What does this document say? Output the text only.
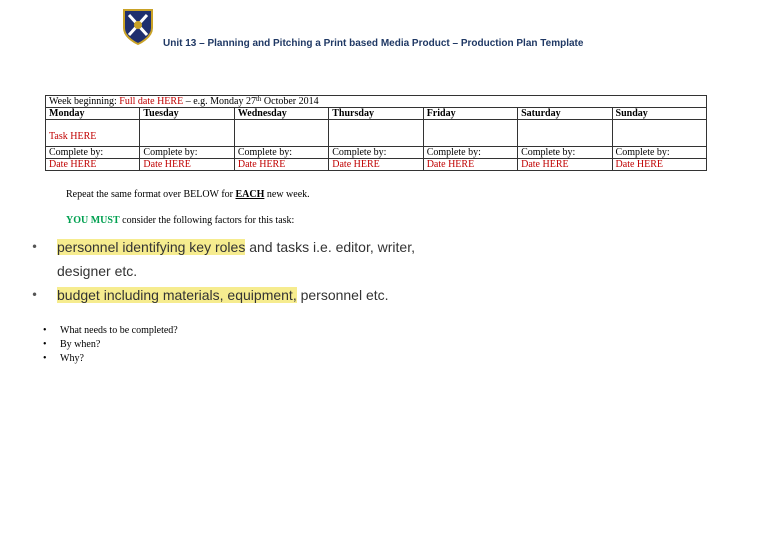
Unit 13 – Planning and Pitching a Print based Media Product – Production Plan Template
Week beginning: Full date HERE – e.g. Monday 27th October 2014						
Monday	Tuesday	Wednesday	Thursday	Friday	Saturday	Sunday

Task HERE						
Complete by:	Complete by:	Complete by:	Complete by:	Complete by:	Complete by:	Complete by:
Date HERE	Date HERE	Date HERE	Date HERE	Date HERE	Date HERE	Date HERE
Repeat the same format over BELOW for EACH new week.
YOU MUST consider the following factors for this task:
• personnel identifying key roles and tasks i.e. editor, writer,
designer etc.
• budget including materials, equipment, personnel etc.
• What needs to be completed?
• By when?
• Why?
